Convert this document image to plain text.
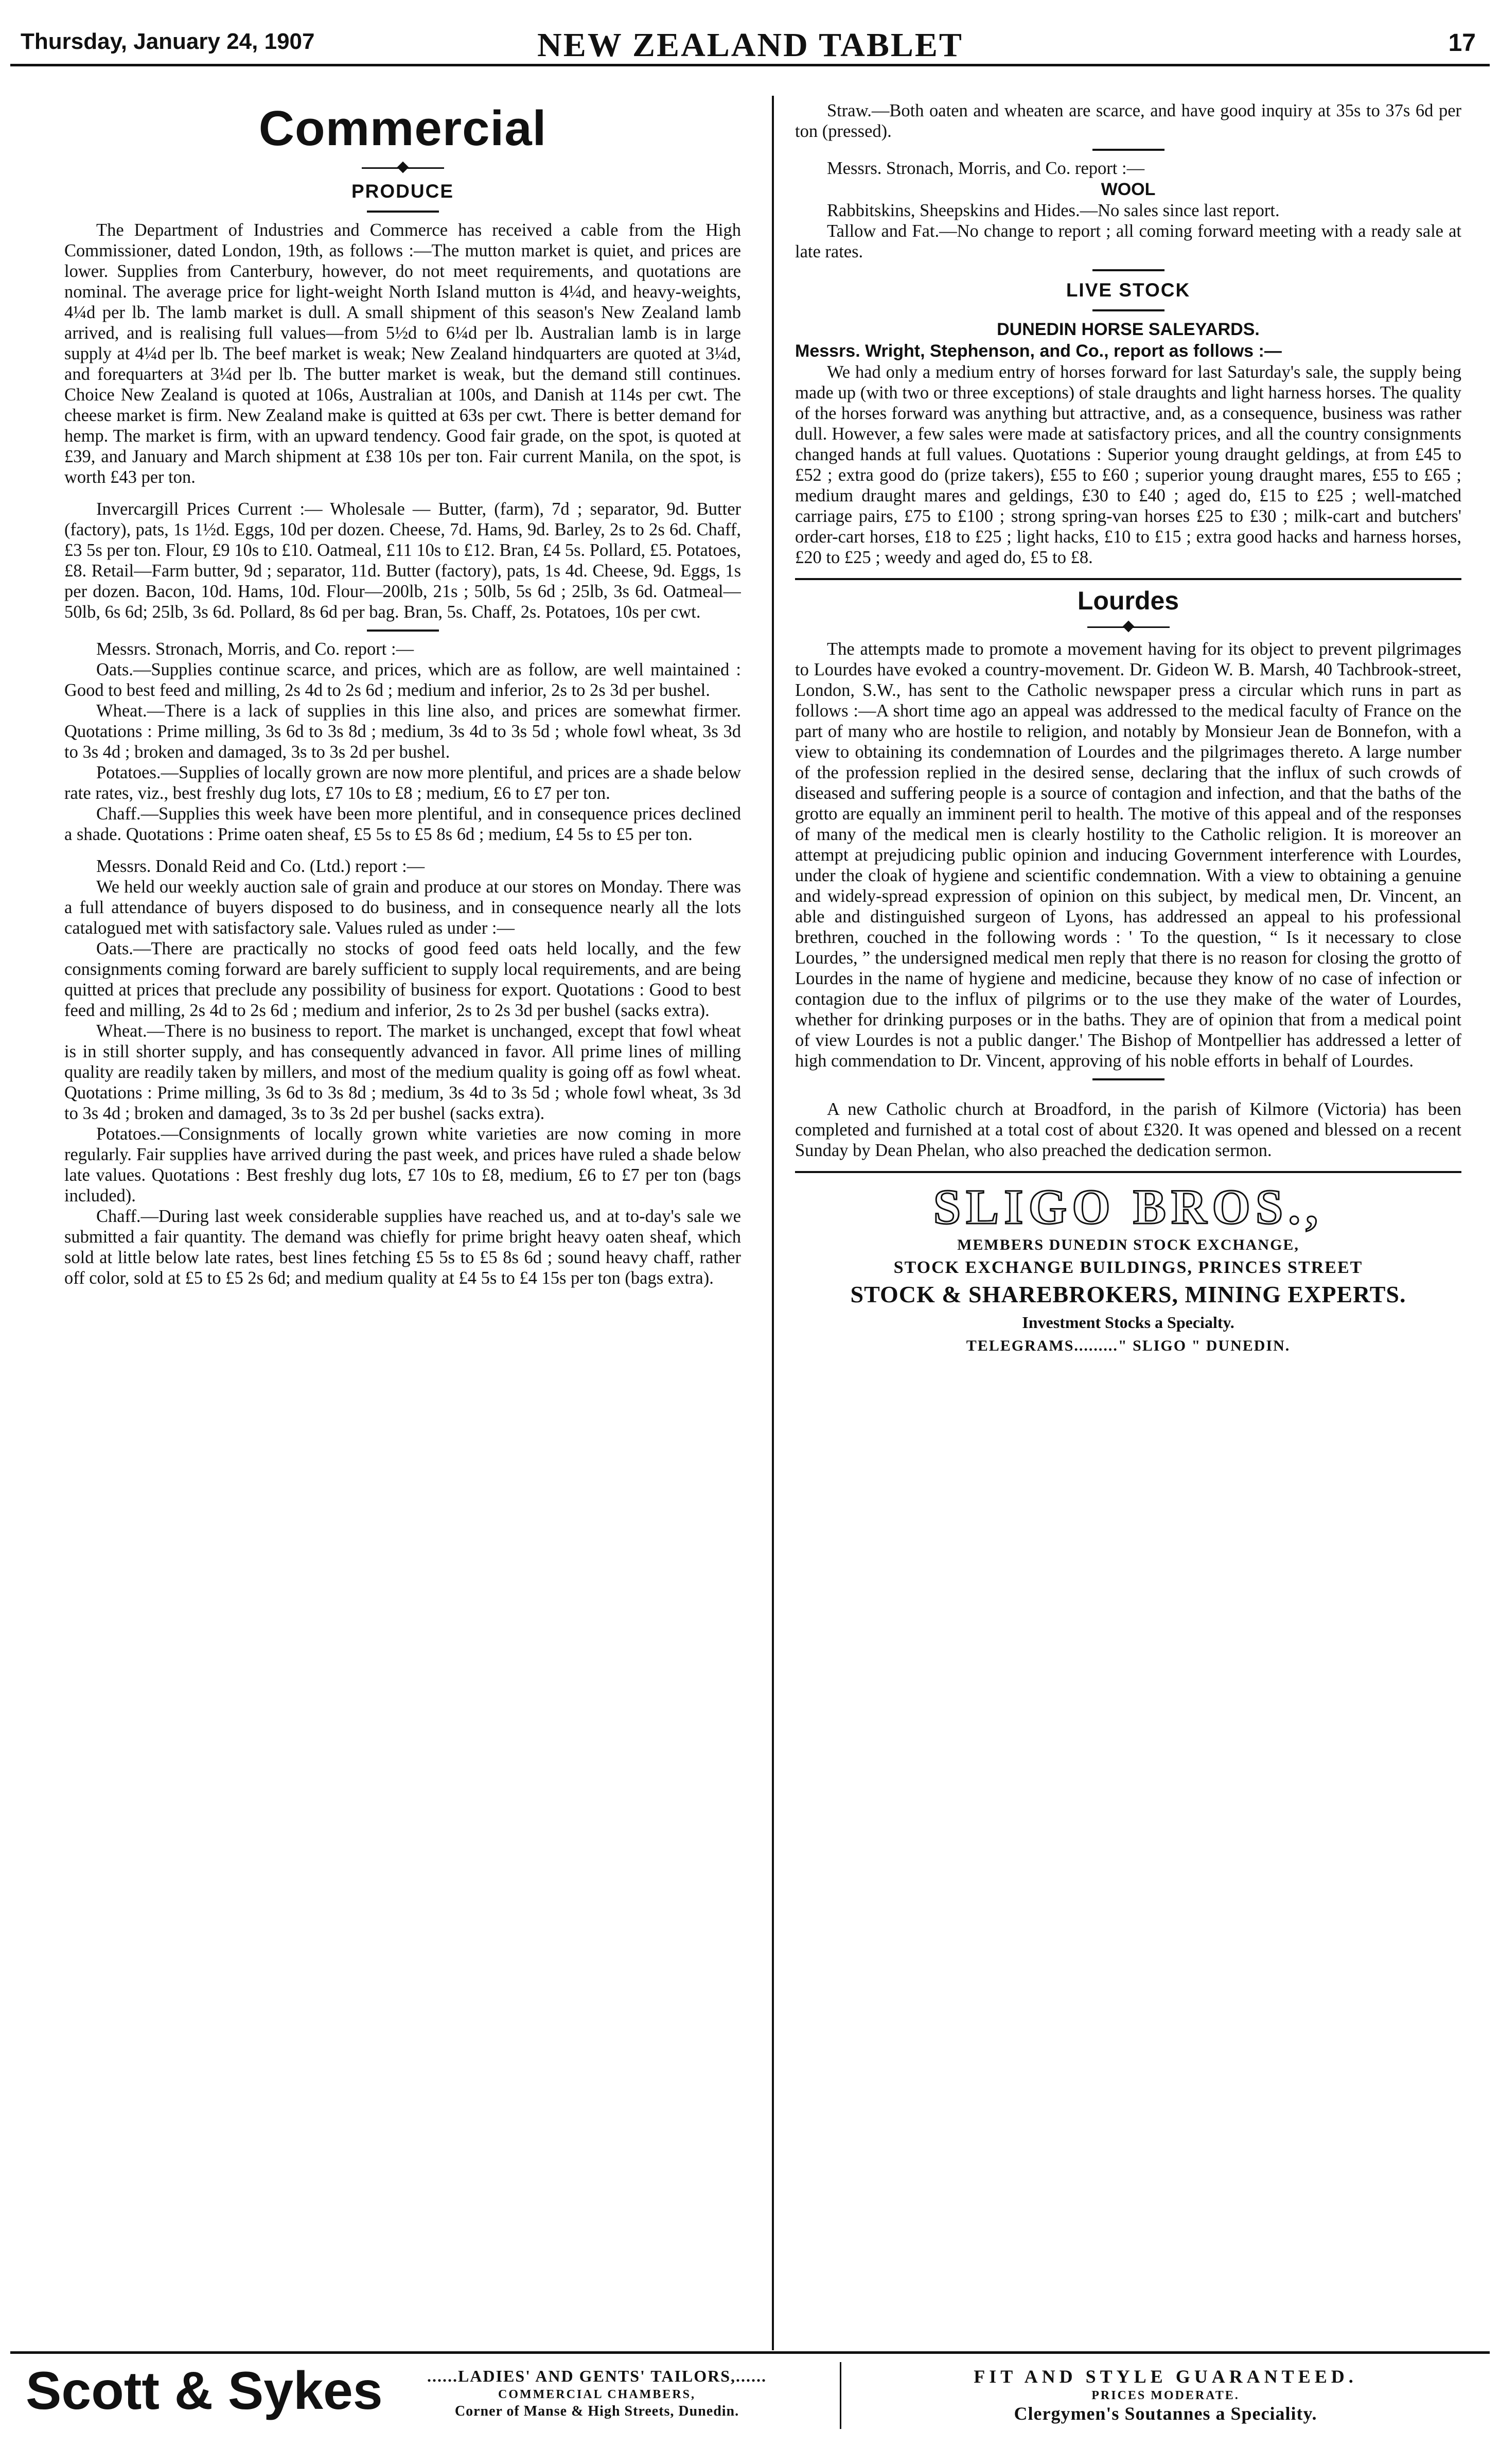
Thursday, January 24, 1907	NEW ZEALAND TABLET	17
Commercial
PRODUCE

The Department of Industries and Commerce has received a cable from the High Commissioner, dated London, 19th, as follows :—The mutton market is quiet, and prices are lower. Supplies from Canterbury, however, do not meet requirements, and quotations are nominal. The average price for light-weight North Island mutton is 4¼d, and heavy-weights, 4¼d per lb. The lamb market is dull. A small shipment of this season's New Zealand lamb arrived, and is realising full values—from 5½d to 6¼d per lb. Australian lamb is in large supply at 4¼d per lb. The beef market is weak; New Zealand hindquarters are quoted at 3¼d, and forequarters at 3¼d per lb. The butter market is weak, but the demand still continues. Choice New Zealand is quoted at 106s, Australian at 100s, and Danish at 114s per cwt. The cheese market is firm. New Zealand make is quitted at 63s per cwt. There is better demand for hemp. The market is firm, with an upward tendency. Good fair grade, on the spot, is quoted at £39, and January and March shipment at £38 10s per ton. Fair current Manila, on the spot, is worth £43 per ton.

Invercargill Prices Current :— Wholesale — Butter, (farm), 7d ; separator, 9d. Butter (factory), pats, 1s 1½d. Eggs, 10d per dozen. Cheese, 7d. Hams, 9d. Barley, 2s to 2s 6d. Chaff, £3 5s per ton. Flour, £9 10s to £10. Oatmeal, £11 10s to £12. Bran, £4 5s. Pollard, £5. Potatoes, £8. Retail—Farm butter, 9d ; separator, 11d. Butter (factory), pats, 1s 4d. Cheese, 9d. Eggs, 1s per dozen. Bacon, 10d. Hams, 10d. Flour—200lb, 21s ; 50lb, 5s 6d ; 25lb, 3s 6d. Oatmeal—50lb, 6s 6d; 25lb, 3s 6d. Pollard, 8s 6d per bag. Bran, 5s. Chaff, 2s. Potatoes, 10s per cwt.

Messrs. Stronach, Morris, and Co. report :—

Oats.—Supplies continue scarce, and prices, which are as follow, are well maintained : Good to best feed and milling, 2s 4d to 2s 6d ; medium and inferior, 2s to 2s 3d per bushel.

Wheat.—There is a lack of supplies in this line also, and prices are somewhat firmer. Quotations : Prime milling, 3s 6d to 3s 8d ; medium, 3s 4d to 3s 5d ; whole fowl wheat, 3s 3d to 3s 4d ; broken and damaged, 3s to 3s 2d per bushel.

Potatoes.—Supplies of locally grown are now more plentiful, and prices are a shade below rate rates, viz., best freshly dug lots, £7 10s to £8 ; medium, £6 to £7 per ton.

Chaff.—Supplies this week have been more plentiful, and in consequence prices declined a shade. Quotations : Prime oaten sheaf, £5 5s to £5 8s 6d ; medium, £4 5s to £5 per ton.

Messrs. Donald Reid and Co. (Ltd.) report :—

We held our weekly auction sale of grain and produce at our stores on Monday. There was a full attendance of buyers disposed to do business, and in consequence nearly all the lots catalogued met with satisfactory sale. Values ruled as under :—

Oats.—There are practically no stocks of good feed oats held locally, and the few consignments coming forward are barely sufficient to supply local requirements, and are being quitted at prices that preclude any possibility of business for export. Quotations : Good to best feed and milling, 2s 4d to 2s 6d ; medium and inferior, 2s to 2s 3d per bushel (sacks extra).

Wheat.—There is no business to report. The market is unchanged, except that fowl wheat is in still shorter supply, and has consequently advanced in favor. All prime lines of milling quality are readily taken by millers, and most of the medium quality is going off as fowl wheat. Quotations : Prime milling, 3s 6d to 3s 8d ; medium, 3s 4d to 3s 5d ; whole fowl wheat, 3s 3d to 3s 4d ; broken and damaged, 3s to 3s 2d per bushel (sacks extra).

Potatoes.—Consignments of locally grown white varieties are now coming in more regularly. Fair supplies have arrived during the past week, and prices have ruled a shade below late values. Quotations : Best freshly dug lots, £7 10s to £8, medium, £6 to £7 per ton (bags included).

Chaff.—During last week considerable supplies have reached us, and at to-day's sale we submitted a fair quantity. The demand was chiefly for prime bright heavy oaten sheaf, which sold at little below late rates, best lines fetching £5 5s to £5 8s 6d ; sound heavy chaff, rather off color, sold at £5 to £5 2s 6d; and medium quality at £4 5s to £4 15s per ton (bags extra).

Straw.—Both oaten and wheaten are scarce, and have good inquiry at 35s to 37s 6d per ton (pressed).

Messrs. Stronach, Morris, and Co. report :—

WOOL

Rabbitskins, Sheepskins and Hides.—No sales since last report.

Tallow and Fat.—No change to report ; all coming forward meeting with a ready sale at late rates.

LIVE STOCK
DUNEDIN HORSE SALEYARDS.

Messrs. Wright, Stephenson, and Co., report as follows :—

We had only a medium entry of horses forward for last Saturday's sale, the supply being made up (with two or three exceptions) of stale draughts and light harness horses. The quality of the horses forward was anything but attractive, and, as a consequence, business was rather dull. However, a few sales were made at satisfactory prices, and all the country consignments changed hands at full values. Quotations : Superior young draught geldings, at from £45 to £52 ; extra good do (prize takers), £55 to £60 ; superior young draught mares, £55 to £65 ; medium draught mares and geldings, £30 to £40 ; aged do, £15 to £25 ; well-matched carriage pairs, £75 to £100 ; strong spring-van horses £25 to £30 ; milk-cart and butchers' order-cart horses, £18 to £25 ; light hacks, £10 to £15 ; extra good hacks and harness horses, £20 to £25 ; weedy and aged do, £5 to £8.

Lourdes

The attempts made to promote a movement having for its object to prevent pilgrimages to Lourdes have evoked a country-movement. Dr. Gideon W. B. Marsh, 40 Tachbrook-street, London, S.W., has sent to the Catholic newspaper press a circular which runs in part as follows :—A short time ago an appeal was addressed to the medical faculty of France on the part of many who are hostile to religion, and notably by Monsieur Jean de Bonnefon, with a view to obtaining its condemnation of Lourdes and the pilgrimages thereto. A large number of the profession replied in the desired sense, declaring that the influx of such crowds of diseased and suffering people is a source of contagion and infection, and that the baths of the grotto are equally an imminent peril to health. The motive of this appeal and of the responses of many of the medical men is clearly hostility to the Catholic religion. It is moreover an attempt at prejudicing public opinion and inducing Government interference with Lourdes, under the cloak of hygiene and scientific condemnation. With a view to obtaining a genuine and widely-spread expression of opinion on this subject, by medical men, Dr. Vincent, an able and distinguished surgeon of Lyons, has addressed an appeal to his professional brethren, couched in the following words : ' To the question, “ Is it necessary to close Lourdes, ” the undersigned medical men reply that there is no reason for closing the grotto of Lourdes in the name of hygiene and medicine, because they know of no case of infection or contagion due to the influx of pilgrims or to the use they make of the water of Lourdes, whether for drinking purposes or in the baths. They are of opinion that from a medical point of view Lourdes is not a public danger.' The Bishop of Montpellier has addressed a letter of high commendation to Dr. Vincent, approving of his noble efforts in behalf of Lourdes.

A new Catholic church at Broadford, in the parish of Kilmore (Victoria) has been completed and furnished at a total cost of about £320. It was opened and blessed on a recent Sunday by Dean Phelan, who also preached the dedication sermon.

SLIGO BROS.,
MEMBERS DUNEDIN STOCK EXCHANGE,
STOCK EXCHANGE BUILDINGS, PRINCES STREET
STOCK & SHAREBROKERS, MINING EXPERTS.
Investment Stocks a Specialty.
TELEGRAMS........." SLIGO " DUNEDIN.
Scott & Sykes	......LADIES' AND GENTS' TAILORS,......
COMMERCIAL CHAMBERS,
Corner of Manse & High Streets, Dunedin.
FIT AND STYLE GUARANTEED.
PRICES MODERATE.
Clergymen's Soutannes a Speciality.
